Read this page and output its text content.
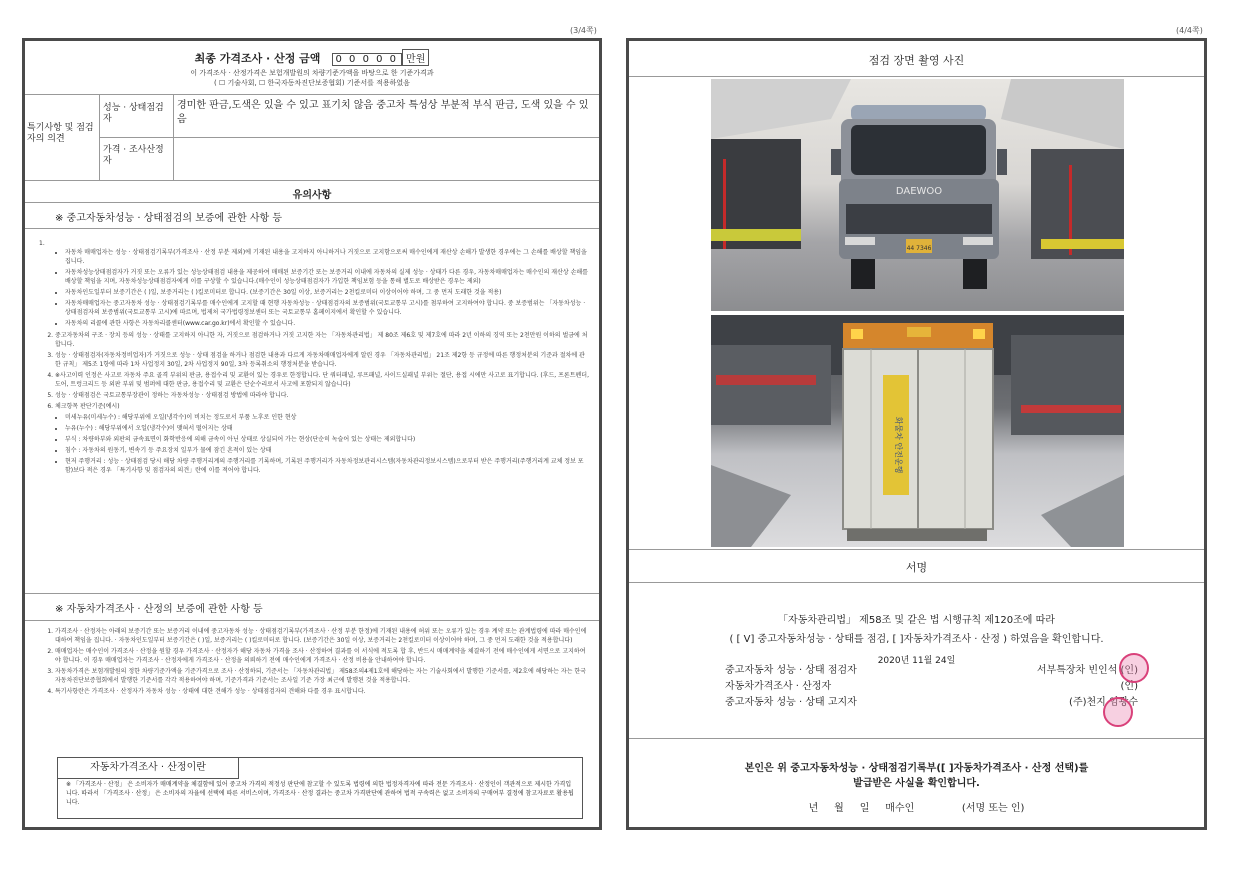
(3/4쪽)	(4/4쪽)
최종 가격조사 · 산정 금액 0 0 0 0 0 만원
이 가격조사 · 산정가격은 보험개발원의 차량기준가액을 바탕으로 한 기준가격과
( ☐ 기술사회, ☐ 한국자동차진단보증협회) 기준서를 적용하였음
특기사항 및 점검자의 의견
성능 · 상태점검자
경미한 판금,도색은 있을 수 있고 표기치 않음 중고차 특성상 부분적 부식 판금, 도색 있을 수 있음
가격 · 조사산정자
유의사항
※ 중고자동차성능 · 상태점검의 보증에 관한 사항 등
1.
• 자동차 매매업자는 성능 · 상태점검기록부(가격조사 · 산정 부분 제외)에 기재된 내용을 고지하지 아니하거나 거짓으로 고지함으로써 매수인에게 재산상 손해가 발생한 경우에는 그 손해를 배상할 책임을 집니다.
• 자동차성능상태점검자가 거짓 또는 오류가 있는 성능상태점검 내용을 제공하여 매매된 보증기간 또는 보증거리 이내에 자동차의 실제 성능 · 상태가 다른 경우, 자동차매매업자는 매수인의 재산상 손해를 배상할 책임을 지며, 자동차성능상태점검자에게 이를 구상할 수 있습니다.(매수인이 성능상태점검자가 가입한 책임보험 등을 통해 별도로 배상받은 경우는 제외)
• 자동차인도일부터 보증기간은 ( )일, 보증거리는 ( )킬로미터로 합니다. (보증기간은 30일 이상, 보증거리는 2천킬로미터 이상이어야 하며, 그 중 먼저 도래한 것을 적용)
• 자동차매매업자는 중고자동차 성능 · 상태점검기록부를 매수인에게 고지할 때 현행 자동차성능 · 상태점검자의 보증범위(국토교통부 고시)를 첨부하여 고지하여야 합니다. 중 보증범위는 「자동차성능 · 상태점검자의 보증범위(국토교통부 고시)에 따르며, 법제처 국가법령정보센터 또는 국토교통부 홈페이지에서 확인할 수 있습니다.
• 자동차의 리콜에 관한 사항은 자동차리콜센터(www.car.go.kr)에서 확인할 수 있습니다.
2. 중고자동차의 구조 · 장치 등의 성능 · 상태를 고지하지 아니한 자, 거짓으로 점검하거나 거짓 고지한 자는 「자동차관리법」 제 80조 제6호 및 제7호에 따라 2년 이하의 징역 또는 2천만원 이하의 벌금에 처합니다.
3. 성능 · 상태점검자(자동차정비업자)가 거짓으로 성능 · 상태 점검을 하거나 점검한 내용과 다르게 자동차매매업자에게 알린 경우 「자동차관리법」 21조 제2항 등 규정에 따른 행정처분의 기준과 절차에 관한 규칙」 제5조 1항에 따라 1차 사업정지 30일, 2차 사업정지 90일, 3차 등록취소의 행정처분을 받습니다.
4. ※사고이력 인정은 사고로 자동차 주요 골격 부위의 판금, 용접수리 및 교환이 있는 경우로 한정합니다. 단 쿼터패널, 루프패널, 사이드실패널 부위는 절단, 용접 시에만 사고로 표기합니다. (후드, 프론트펜더, 도어, 트렁크리드 등 외판 부위 및 범퍼에 대한 판금, 용접수리 및 교환은 단순수리로서 사고에 포함되지 않습니다)
5. 성능 · 상태점검은 국토교통부장관이 정하는 자동차성능 · 상태점검 방법에 따라야 합니다.
6. 체크항목 판단기준(예시)
• 미세누유(미세누수) : 해당부위에 오일(냉각수)이 비치는 정도로서 부품 노후로 인한 현상
• 누유(누수) : 해당부위에서 오일(냉각수)이 맺혀서 떨어지는 상태
• 부식 : 차량하부와 외판의 금속표면이 화학반응에 의해 금속이 아닌 상태로 상실되어 가는 현상(단순히 녹슬어 있는 상태는 제외합니다)
• 침수 : 자동차의 원동기, 변속기 등 주요장치 일부가 물에 잠긴 흔적이 있는 상태
• 현저 주행거리 : 성능 · 상태점검 당시 해당 차량 주행거리계의 주행거리를 기록하며, 기록된 주행거리가 자동차정보관리시스템(자동차관리정보시스템)으로부터 받은 주행거리(주행거리계 교체 정보 포함)보다 적은 경우 「특기사항 및 점검자의 의견」란에 이를 적어야 합니다.
※ 자동차가격조사 · 산정의 보증에 관한 사항 등
1. 가격조사 · 산정자는 아래의 보증기간 또는 보증거리 이내에 중고자동차 성능 · 상태점검기록부(가격조사 · 산정 부분 한정)에 기재된 내용에 허위 또는 오류가 있는 경우 계약 또는 관계법령에 따라 매수인에 대하여 책임을 집니다. · 자동차인도일부터 보증기간은 ( )일, 보증거리는 ( )킬로미터로 합니다. (보증기간은 30일 이상, 보증거리는 2천킬로미터 이상이어야 하며, 그 중 먼저 도래한 것을 적용합니다)
2. 매매업자는 매수인이 가격조사 · 산정을 원할 경우 가격조사 · 산정자가 해당 자동차 가격을 조사 · 산정하여 결과를 이 서식에 적도록 합 후, 반드시 매매계약을 체결하기 전에 매수인에게 서면으로 고지하여야 합니다. 이 경우 매매업자는 가격조사 · 산정자에게 가격조사 · 산정을 의뢰하기 전에 매수인에게 가격조사 · 산정 비용을 안내하여야 합니다.
3. 자동차가격은 보험개발원의 정한 차량기준가액을 기준가격으로 조사 · 산정하되, 기준서는 「자동차관리법」 제58조의4제1호에 해당하는 자는 기술사회에서 발행한 기준서를, 제2호에 해당하는 자는 한국자동차진단보증협회에서 발행한 기준서를 각각 적용하여야 하며, 기준가격과 기준서는 조사일 기준 가장 최근에 발행된 것을 적용합니다.
4. 특기사항란은 가격조사 · 산정자가 자동차 성능 · 상태에 대한 견해가 성능 · 상태점검자의 견해와 다를 경우 표시합니다.
자동차가격조사 · 산정이란
※ 「가격조사 · 산정」 은 소비자가 매매계약을 체결함에 있어 중고차 가격의 적정성 판단에 참고할 수 있도록 법령에 의한 법정자격자에 따라 전문 가격조사 · 산정인이 객관적으로 제시한 가격입니다. 따라서 「가격조사 · 산정」 은 소비자의 자율에 선택에 따른 서비스이며, 가격조사 · 산정 결과는 중고차 가격판단에 관하여 법적 구속력은 없고 소비자의 구매여부 결정에 참고자료로 활용됩니다.
점검 장면 촬영 사진
DAEWOO
44 7346
화물차 안전운행
서명
「자동차관리법」 제58조 및 같은 법 시행규칙 제120조에 따라
( [ V] 중고자동차성능 · 상태를 점검, [ ]자동차가격조사 · 산정 ) 하였음을 확인합니다.
2020년 11월 24일
중고자동차 성능 · 상태 점검자
자동차가격조사 · 산정자
중고자동차 성능 · 상태 고지자
서부특장차 빈인석 (인)
(인)
(주)천지 임광수
본인은 위 중고자동차성능 · 상태점검기록부([ ]자동차가격조사 · 산정 선택)를
발급받은 사실을 확인합니다.
년     월     일     매수인               (서명 또는 인)
